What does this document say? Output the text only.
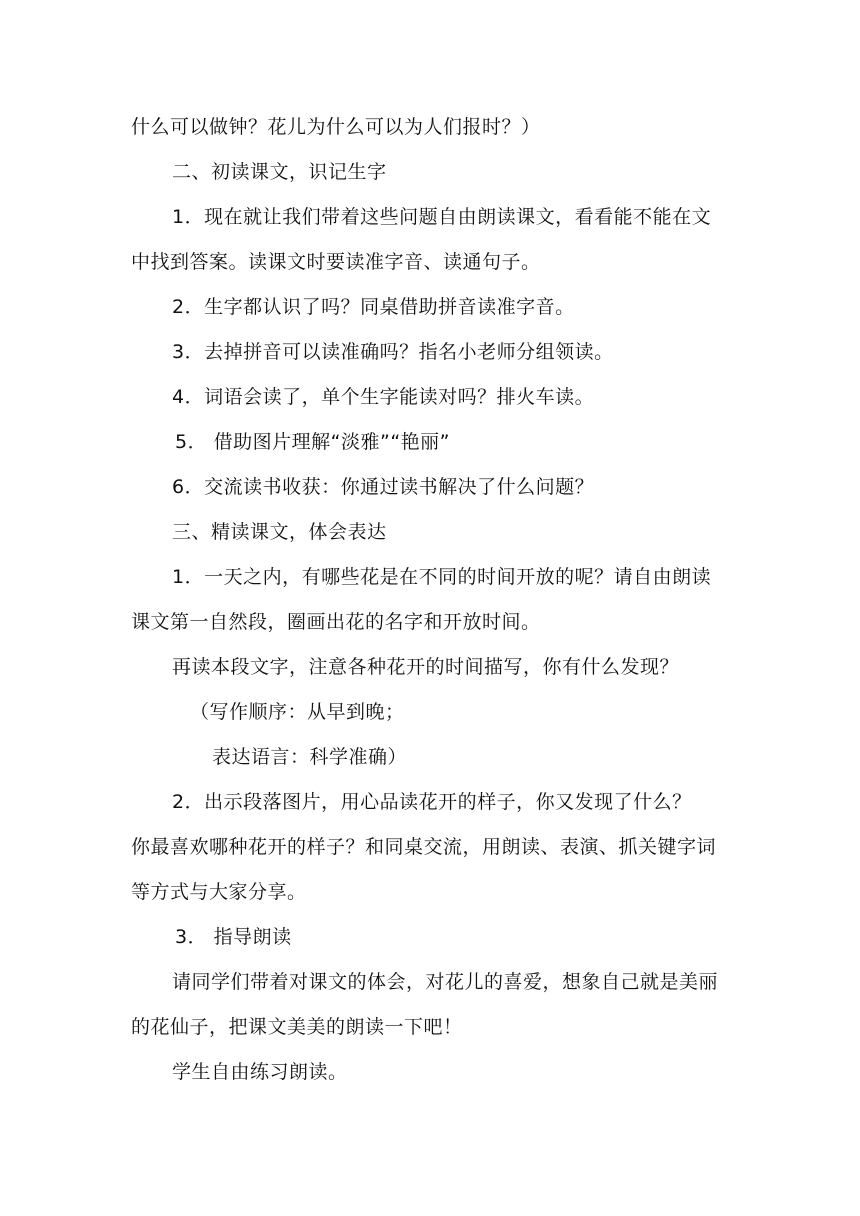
什么可以做钟？花儿为什么可以为人们报时？）
二、初读课文，识记生字
1．现在就让我们带着这些问题自由朗读课文，看看能不能在文
中找到答案。读课文时要读准字音、读通句子。
2．生字都认识了吗？同桌借助拼音读准字音。
3．去掉拼音可以读准确吗？指名小老师分组领读。
4．词语会读了，单个生字能读对吗？排火车读。
5． 借助图片理解“淡雅”“艳丽”
6．交流读书收获：你通过读书解决了什么问题？
三、精读课文，体会表达
1．一天之内，有哪些花是在不同的时间开放的呢？请自由朗读
课文第一自然段，圈画出花的名字和开放时间。
再读本段文字，注意各种花开的时间描写，你有什么发现？
（写作顺序：从早到晚；
表达语言：科学准确）
2．出示段落图片，用心品读花开的样子，你又发现了什么？
你最喜欢哪种花开的样子？和同桌交流，用朗读、表演、抓关键字词
等方式与大家分享。
3． 指导朗读
请同学们带着对课文的体会，对花儿的喜爱，想象自己就是美丽
的花仙子，把课文美美的朗读一下吧！
学生自由练习朗读。
